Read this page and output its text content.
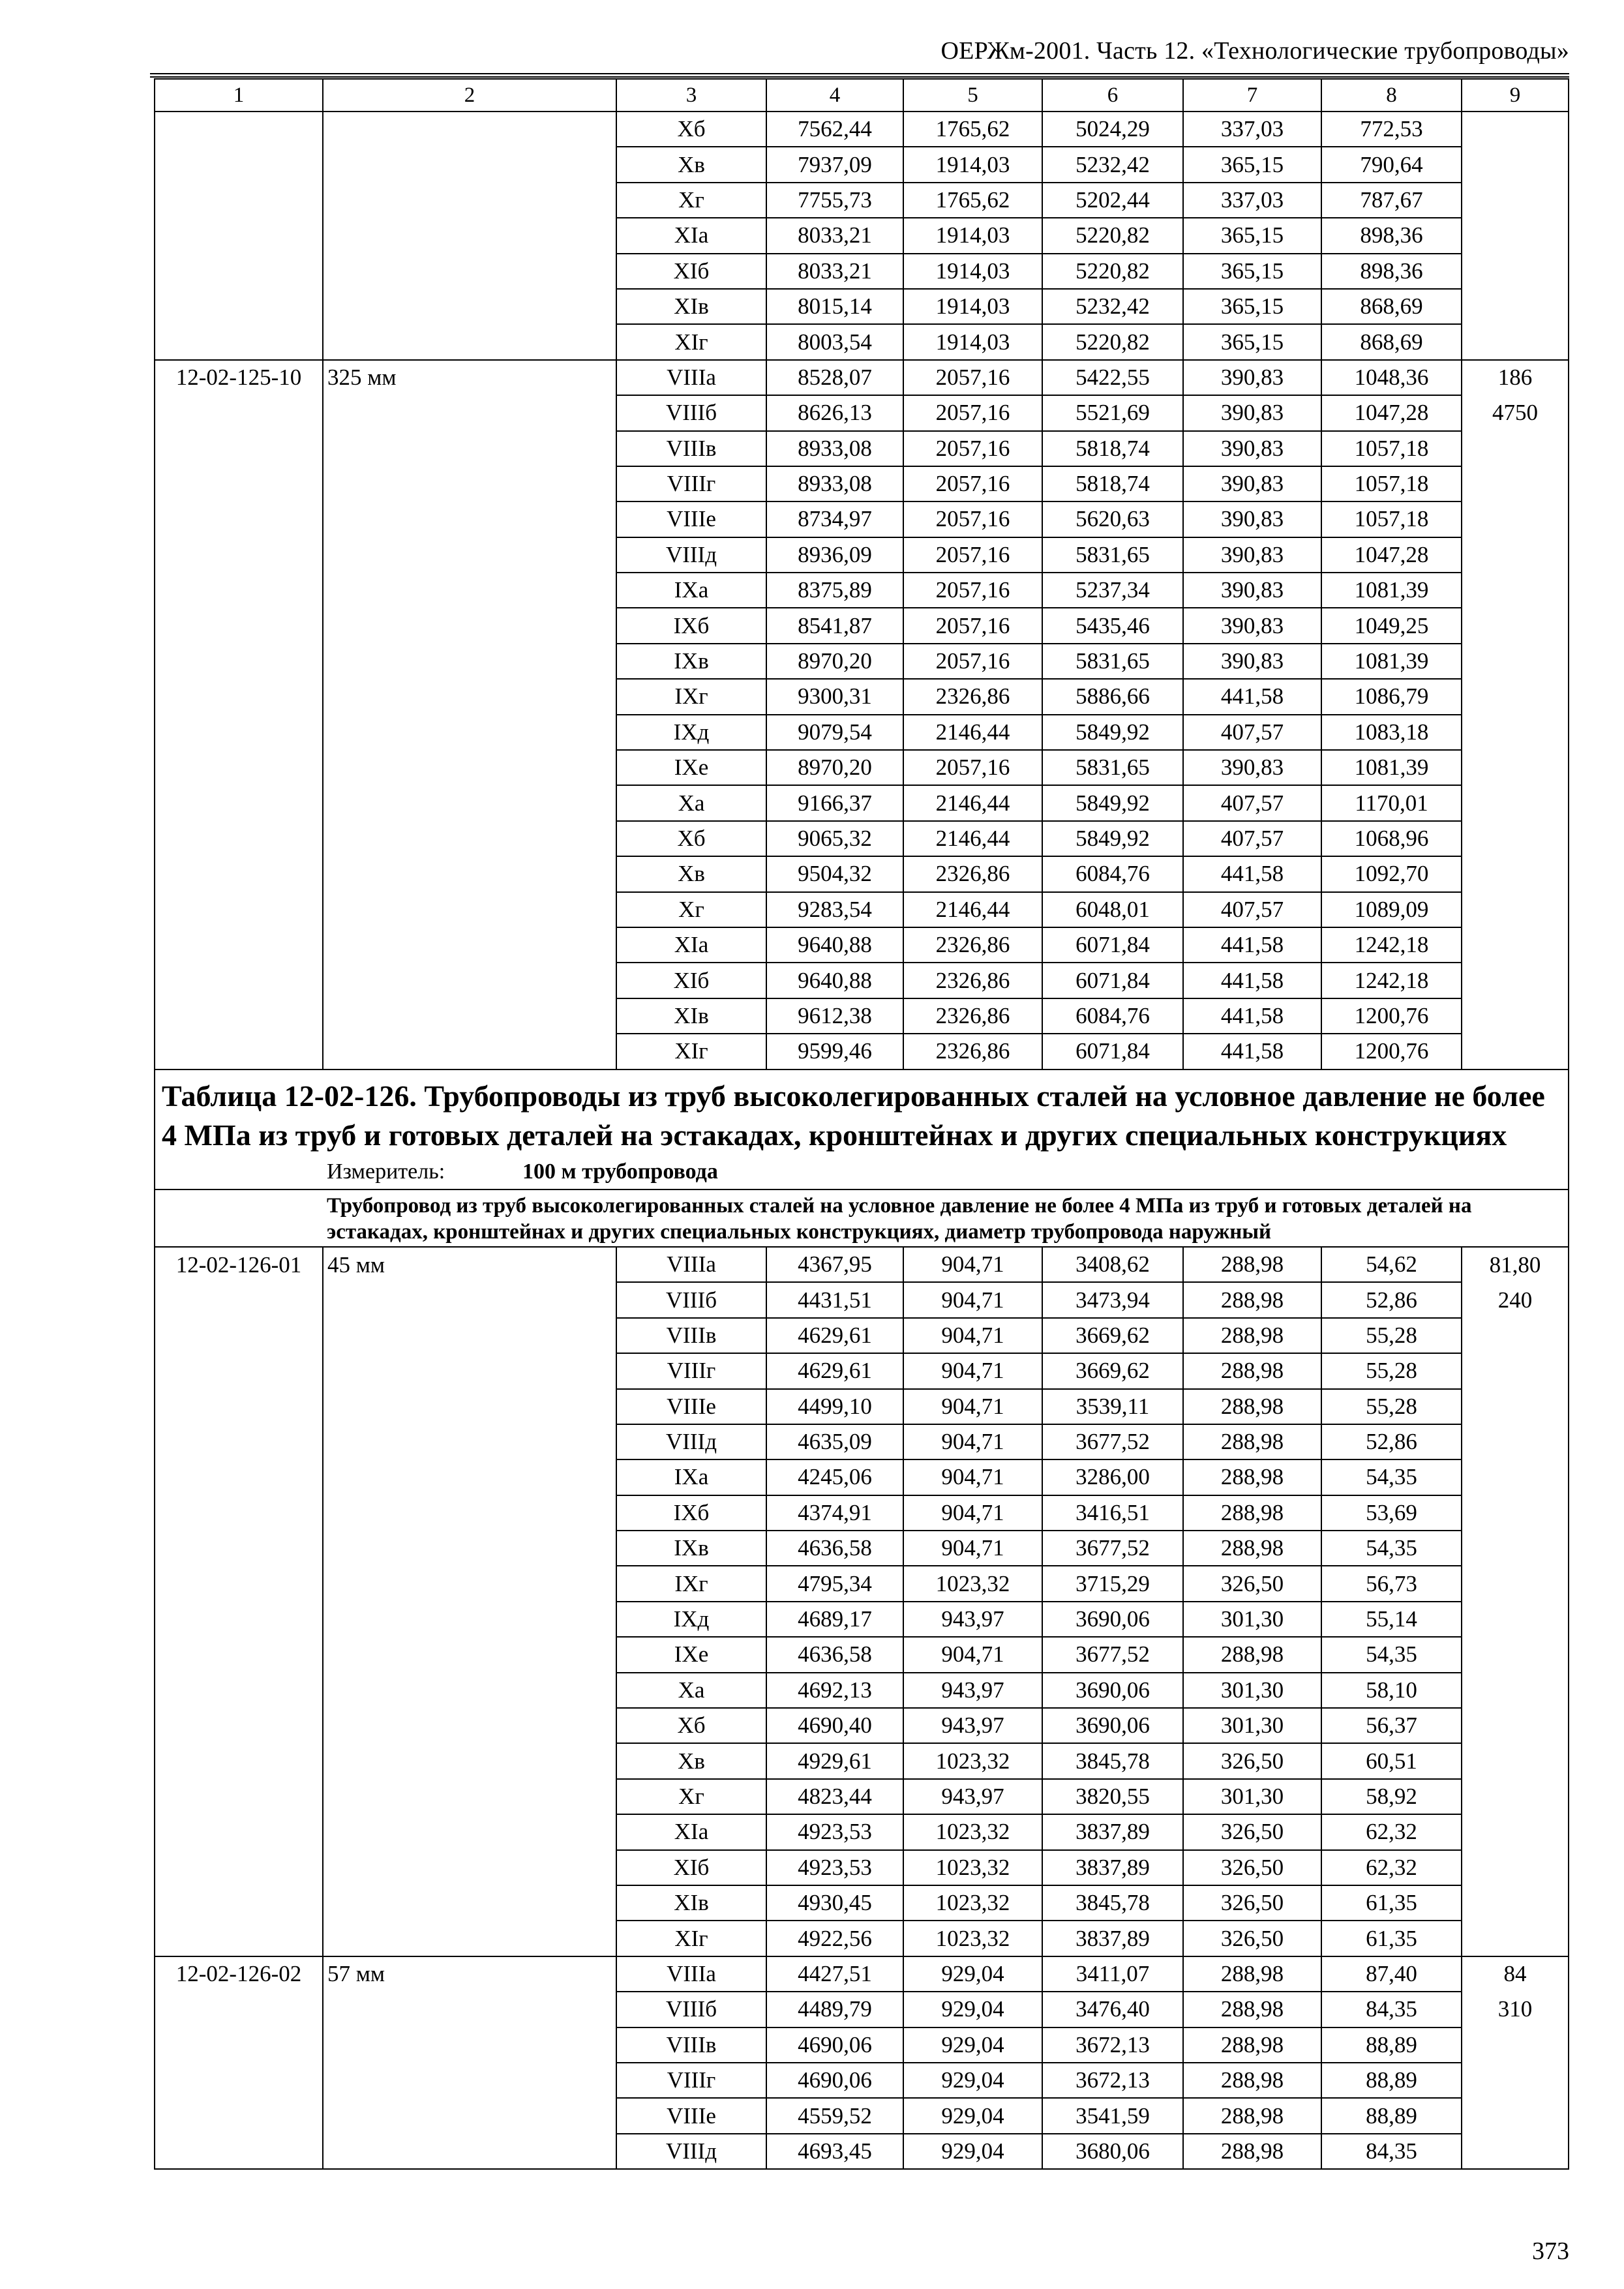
ОЕРЖм-2001. Часть 12. «Технологические трубопроводы»
1	2	3	4	5	6	7	8	9
		Хб	7562,44	1765,62	5024,29	337,03	772,53	
		Хв	7937,09	1914,03	5232,42	365,15	790,64	
		Хг	7755,73	1765,62	5202,44	337,03	787,67	
		XIа	8033,21	1914,03	5220,82	365,15	898,36	
		XIб	8033,21	1914,03	5220,82	365,15	898,36	
		XIв	8015,14	1914,03	5232,42	365,15	868,69	
		XIг	8003,54	1914,03	5220,82	365,15	868,69	
12-02-125-10	325 мм	VIIIа	8528,07	2057,16	5422,55	390,83	1048,36	186
		VIIIб	8626,13	2057,16	5521,69	390,83	1047,28	4750
		VIIIв	8933,08	2057,16	5818,74	390,83	1057,18	
		VIIIг	8933,08	2057,16	5818,74	390,83	1057,18	
		VIIIе	8734,97	2057,16	5620,63	390,83	1057,18	
		VIIIд	8936,09	2057,16	5831,65	390,83	1047,28	
		IXа	8375,89	2057,16	5237,34	390,83	1081,39	
		IXб	8541,87	2057,16	5435,46	390,83	1049,25	
		IXв	8970,20	2057,16	5831,65	390,83	1081,39	
		IXг	9300,31	2326,86	5886,66	441,58	1086,79	
		IXд	9079,54	2146,44	5849,92	407,57	1083,18	
		IXе	8970,20	2057,16	5831,65	390,83	1081,39	
		Ха	9166,37	2146,44	5849,92	407,57	1170,01	
		Хб	9065,32	2146,44	5849,92	407,57	1068,96	
		Хв	9504,32	2326,86	6084,76	441,58	1092,70	
		Хг	9283,54	2146,44	6048,01	407,57	1089,09	
		XIа	9640,88	2326,86	6071,84	441,58	1242,18	
		XIб	9640,88	2326,86	6071,84	441,58	1242,18	
		XIв	9612,38	2326,86	6084,76	441,58	1200,76	
		XIг	9599,46	2326,86	6071,84	441,58	1200,76	
Таблица 12-02-126. Трубопроводы из труб высоколегированных сталей на условное давление не более 4 МПа из труб и готовых деталей на эстакадах, кронштейнах и других специальных конструкциях								
	Измеритель: 100 м трубопровода							
	Трубопровод из труб высоколегированных сталей на условное давление не более 4 МПа из труб и готовых деталей на эстакадах, кронштейнах и других специальных конструкциях, диаметр трубопровода наружный							
12-02-126-01	45 мм	VIIIа	4367,95	904,71	3408,62	288,98	54,62	81,80
		VIIIб	4431,51	904,71	3473,94	288,98	52,86	240
		VIIIв	4629,61	904,71	3669,62	288,98	55,28	
		VIIIг	4629,61	904,71	3669,62	288,98	55,28	
		VIIIе	4499,10	904,71	3539,11	288,98	55,28	
		VIIIд	4635,09	904,71	3677,52	288,98	52,86	
		IXа	4245,06	904,71	3286,00	288,98	54,35	
		IXб	4374,91	904,71	3416,51	288,98	53,69	
		IXв	4636,58	904,71	3677,52	288,98	54,35	
		IXг	4795,34	1023,32	3715,29	326,50	56,73	
		IXд	4689,17	943,97	3690,06	301,30	55,14	
		IXе	4636,58	904,71	3677,52	288,98	54,35	
		Ха	4692,13	943,97	3690,06	301,30	58,10	
		Хб	4690,40	943,97	3690,06	301,30	56,37	
		Хв	4929,61	1023,32	3845,78	326,50	60,51	
		Хг	4823,44	943,97	3820,55	301,30	58,92	
		XIа	4923,53	1023,32	3837,89	326,50	62,32	
		XIб	4923,53	1023,32	3837,89	326,50	62,32	
		XIв	4930,45	1023,32	3845,78	326,50	61,35	
		XIг	4922,56	1023,32	3837,89	326,50	61,35	
12-02-126-02	57 мм	VIIIа	4427,51	929,04	3411,07	288,98	87,40	84
		VIIIб	4489,79	929,04	3476,40	288,98	84,35	310
		VIIIв	4690,06	929,04	3672,13	288,98	88,89	
		VIIIг	4690,06	929,04	3672,13	288,98	88,89	
		VIIIе	4559,52	929,04	3541,59	288,98	88,89	
		VIIIд	4693,45	929,04	3680,06	288,98	84,35	
373
